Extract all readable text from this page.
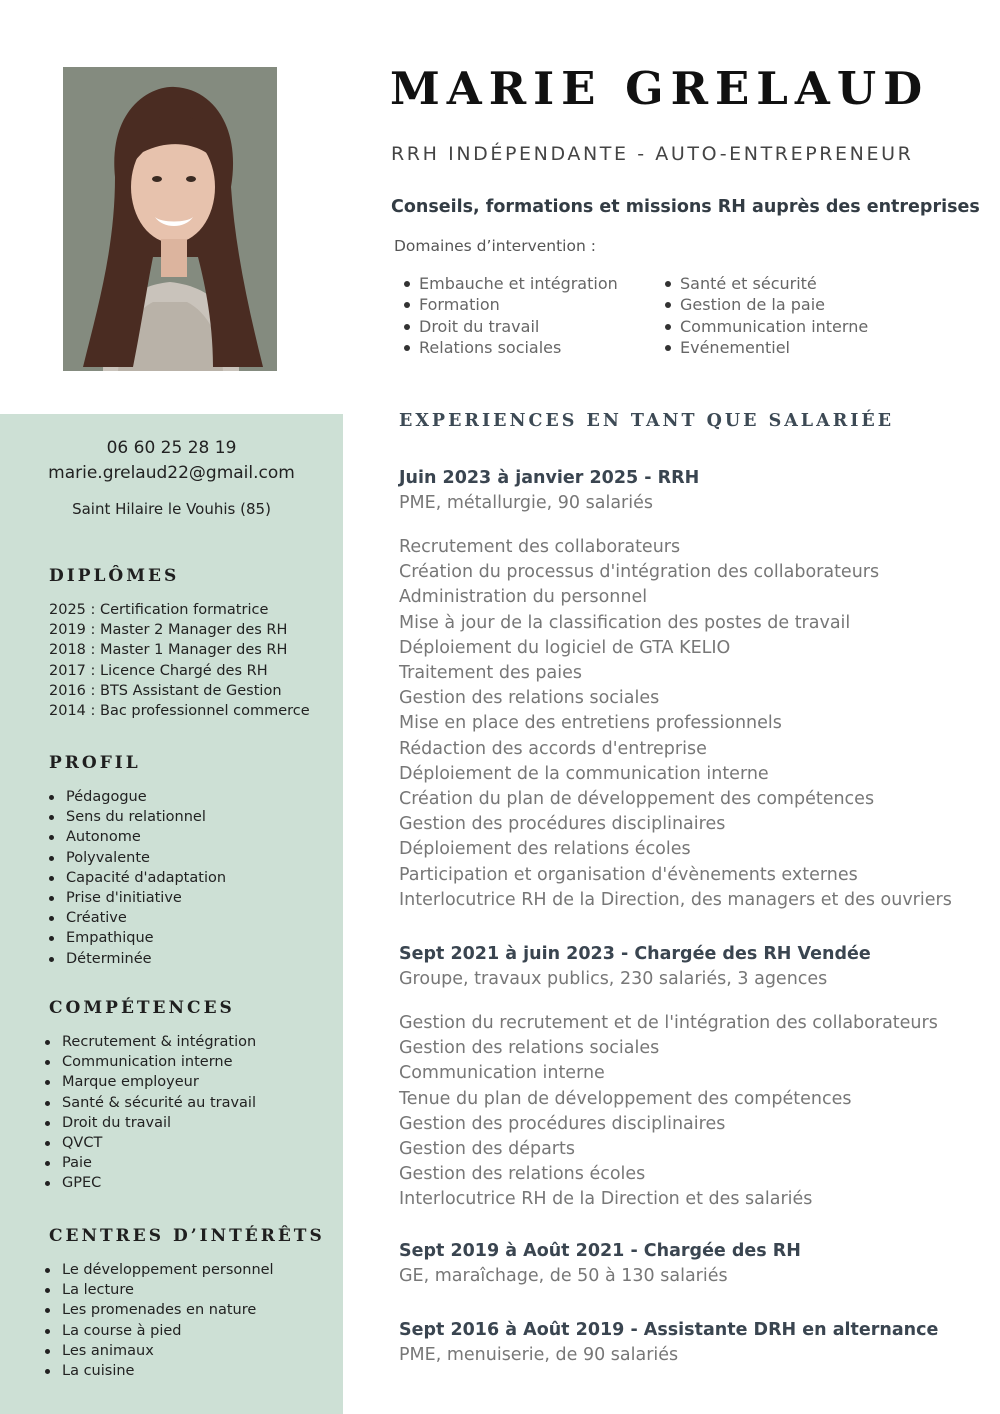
MARIE GRELAUD
RRH INDÉPENDANTE - AUTO-ENTREPRENEUR
Conseils, formations et missions RH auprès des entreprises
Domaines d’intervention :
Embauche et intégration
Formation
Droit du travail
Relations sociales
Santé et sécurité
Gestion de la paie
Communication interne
Evénementiel
06 60 25 28 19
marie.grelaud22@gmail.com
Saint Hilaire le Vouhis (85)
DIPLÔMES
2025 : Certification formatrice
2019 : Master 2 Manager des RH
2018 : Master 1 Manager des RH
2017 : Licence Chargé des RH
2016 : BTS Assistant de Gestion
2014 : Bac professionnel commerce
PROFIL
Pédagogue
Sens du relationnel
Autonome
Polyvalente
Capacité d'adaptation
Prise d'initiative
Créative
Empathique
Déterminée
COMPÉTENCES
Recrutement & intégration
Communication interne
Marque employeur
Santé & sécurité au travail
Droit du travail
QVCT
Paie
GPEC
CENTRES D’INTÉRÊTS
Le développement personnel
La lecture
Les promenades en nature
La course à pied
Les animaux
La cuisine
EXPERIENCES EN TANT QUE SALARIÉE
Juin 2023 à janvier 2025 - RRH
PME, métallurgie, 90 salariés
Recrutement des collaborateurs
Création du processus d'intégration des collaborateurs
Administration du personnel
Mise à jour de la classification des postes de travail
Déploiement du logiciel de GTA KELIO
Traitement des paies
Gestion des relations sociales
Mise en place des entretiens professionnels
Rédaction des accords d'entreprise
Déploiement de la communication interne
Création du plan de développement des compétences
Gestion des procédures disciplinaires
Déploiement des relations écoles
Participation et organisation d'évènements externes
Interlocutrice RH de la Direction, des managers et des ouvriers
Sept 2021 à juin 2023 - Chargée des RH Vendée
Groupe, travaux publics, 230 salariés, 3 agences
Gestion du recrutement et de l'intégration des collaborateurs
Gestion des relations sociales
Communication interne
Tenue du plan de développement des compétences
Gestion des procédures disciplinaires
Gestion des départs
Gestion des relations écoles
Interlocutrice RH de la Direction et des salariés
Sept 2019 à Août 2021 - Chargée des RH
GE, maraîchage, de 50 à 130 salariés
Sept 2016 à Août 2019 - Assistante DRH en alternance
PME, menuiserie, de 90 salariés
